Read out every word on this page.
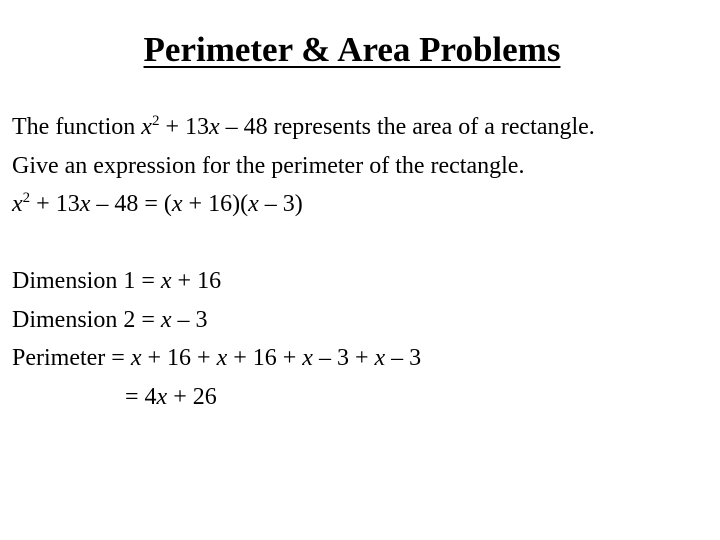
Perimeter & Area Problems
The function $x^2 + 13x - 48$ represents the area of a rectangle.
Give an expression for the perimeter of the rectangle.
$x^2 + 13x - 48 = (x + 16)(x - 3)$
Dimension 1 = x + 16
Dimension 2 = x – 3
Perimeter = x + 16 + x + 16 + x – 3 + x – 3
= 4x + 26
